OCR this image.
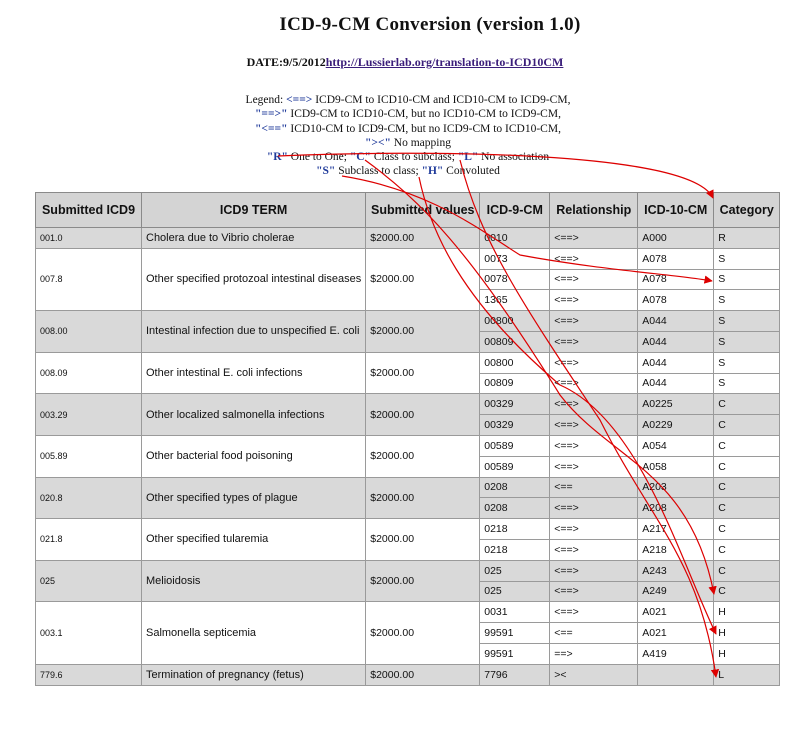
ICD-9-CM Conversion (version 1.0)
DATE:9/5/2012http://Lussierlab.org/translation-to-ICD10CM
Legend: <==> ICD9-CM to ICD10-CM and ICD10-CM to ICD9-CM,
"==>" ICD9-CM to ICD10-CM, but no ICD10-CM to ICD9-CM,
"<==" ICD10-CM to ICD9-CM, but no ICD9-CM to ICD10-CM,
"><" No mapping
"R" One to One; "C" Class to subclass; "L" No association
"S" Subclass to class; "H" Convoluted
Submitted ICD9	ICD9 TERM	Submitted values	ICD-9-CM	Relationship	ICD-10-CM	Category
001.0	Cholera due to Vibrio cholerae	$2000.00	0010	<==>	A000	R
007.8	Other specified protozoal intestinal diseases	$2000.00	0073	<==>	A078	S
			0078	<==>	A078	S
			1365	<==>	A078	S
008.00	Intestinal infection due to unspecified E. coli	$2000.00	00800	<==>	A044	S
			00809	<==>	A044	S
008.09	Other intestinal E. coli infections	$2000.00	00800	<==>	A044	S
			00809	<==>	A044	S
003.29	Other localized salmonella infections	$2000.00	00329	<==>	A0225	C
			00329	<==>	A0229	C
005.89	Other bacterial food poisoning	$2000.00	00589	<==>	A054	C
			00589	<==>	A058	C
020.8	Other specified types of plague	$2000.00	0208	<==	A203	C
			0208	<==>	A208	C
021.8	Other specified tularemia	$2000.00	0218	<==>	A217	C
			0218	<==>	A218	C
025	Melioidosis	$2000.00	025	<==>	A243	C
			025	<==>	A249	C
003.1	Salmonella septicemia	$2000.00	0031	<==>	A021	H
			99591	<==	A021	H
			99591	==>	A419	H
779.6	Termination of pregnancy (fetus)	$2000.00	7796	><		L
